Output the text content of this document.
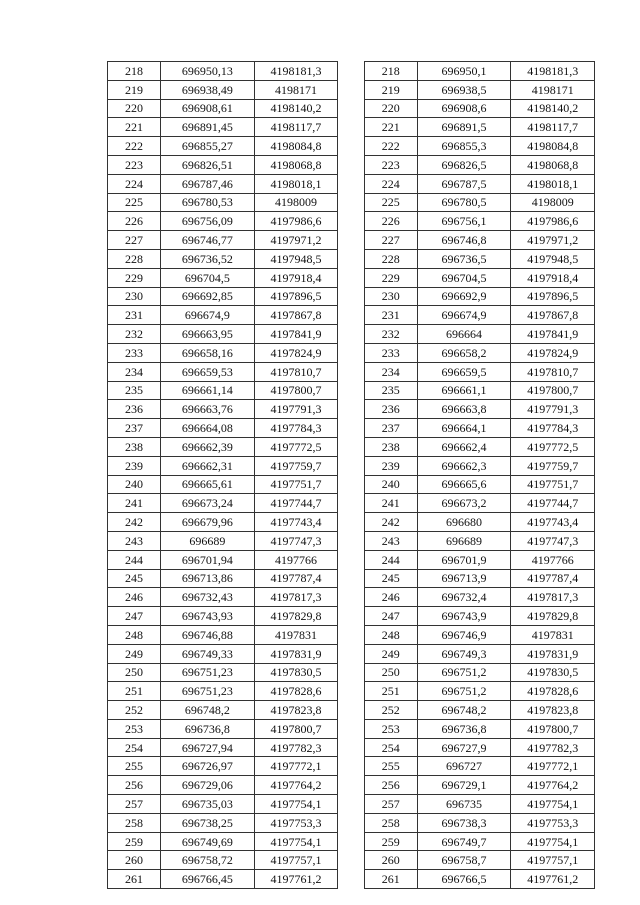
218	696950,13	4198181,3		218	696950,1	4198181,3
219	696938,49	4198171		219	696938,5	4198171
220	696908,61	4198140,2		220	696908,6	4198140,2
221	696891,45	4198117,7		221	696891,5	4198117,7
222	696855,27	4198084,8		222	696855,3	4198084,8
223	696826,51	4198068,8		223	696826,5	4198068,8
224	696787,46	4198018,1		224	696787,5	4198018,1
225	696780,53	4198009		225	696780,5	4198009
226	696756,09	4197986,6		226	696756,1	4197986,6
227	696746,77	4197971,2		227	696746,8	4197971,2
228	696736,52	4197948,5		228	696736,5	4197948,5
229	696704,5	4197918,4		229	696704,5	4197918,4
230	696692,85	4197896,5		230	696692,9	4197896,5
231	696674,9	4197867,8		231	696674,9	4197867,8
232	696663,95	4197841,9		232	696664	4197841,9
233	696658,16	4197824,9		233	696658,2	4197824,9
234	696659,53	4197810,7		234	696659,5	4197810,7
235	696661,14	4197800,7		235	696661,1	4197800,7
236	696663,76	4197791,3		236	696663,8	4197791,3
237	696664,08	4197784,3		237	696664,1	4197784,3
238	696662,39	4197772,5		238	696662,4	4197772,5
239	696662,31	4197759,7		239	696662,3	4197759,7
240	696665,61	4197751,7		240	696665,6	4197751,7
241	696673,24	4197744,7		241	696673,2	4197744,7
242	696679,96	4197743,4		242	696680	4197743,4
243	696689	4197747,3		243	696689	4197747,3
244	696701,94	4197766		244	696701,9	4197766
245	696713,86	4197787,4		245	696713,9	4197787,4
246	696732,43	4197817,3		246	696732,4	4197817,3
247	696743,93	4197829,8		247	696743,9	4197829,8
248	696746,88	4197831		248	696746,9	4197831
249	696749,33	4197831,9		249	696749,3	4197831,9
250	696751,23	4197830,5		250	696751,2	4197830,5
251	696751,23	4197828,6		251	696751,2	4197828,6
252	696748,2	4197823,8		252	696748,2	4197823,8
253	696736,8	4197800,7		253	696736,8	4197800,7
254	696727,94	4197782,3		254	696727,9	4197782,3
255	696726,97	4197772,1		255	696727	4197772,1
256	696729,06	4197764,2		256	696729,1	4197764,2
257	696735,03	4197754,1		257	696735	4197754,1
258	696738,25	4197753,3		258	696738,3	4197753,3
259	696749,69	4197754,1		259	696749,7	4197754,1
260	696758,72	4197757,1		260	696758,7	4197757,1
261	696766,45	4197761,2		261	696766,5	4197761,2
